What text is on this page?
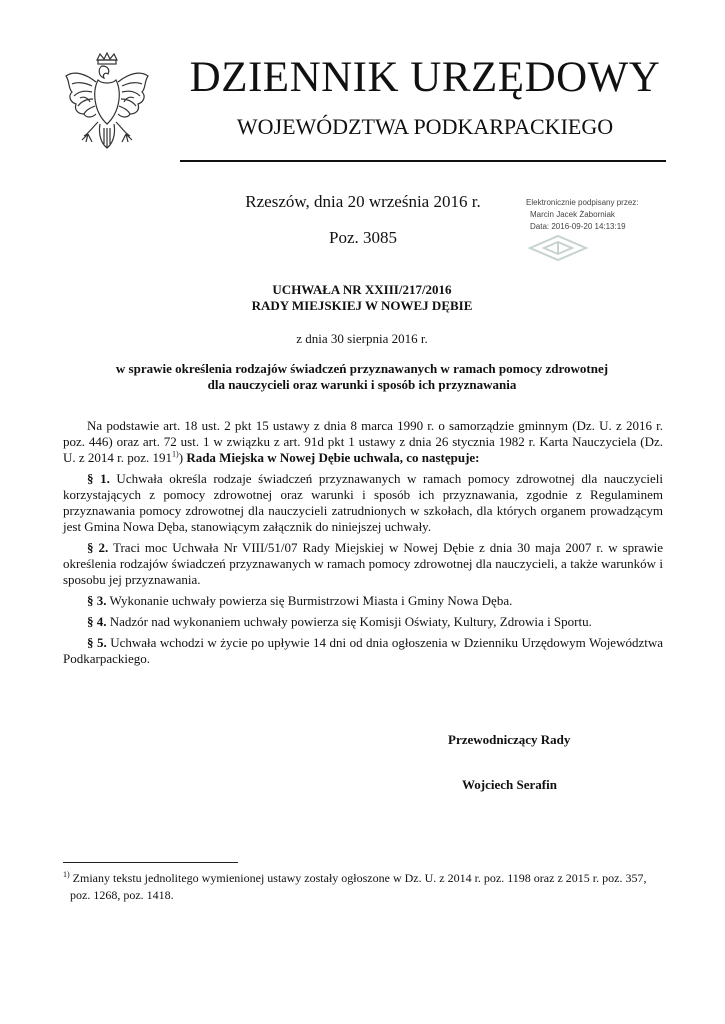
DZIENNIK URZĘDOWY
WOJEWÓDZTWA PODKARPACKIEGO
Rzeszów, dnia 20 września 2016 r.
Poz. 3085
Elektronicznie podpisany przez:
Marcin Jacek Żaborniak
Data: 2016-09-20 14:13:19
UCHWAŁA NR XXIII/217/2016
RADY MIEJSKIEJ W NOWEJ DĘBIE
z dnia 30 sierpnia 2016 r.
w sprawie określenia rodzajów świadczeń przyznawanych w ramach pomocy zdrowotnej
dla nauczycieli oraz warunki i sposób ich przyznawania

Na podstawie art. 18 ust. 2 pkt 15 ustawy z dnia 8 marca 1990 r. o samorządzie gminnym (Dz. U. z 2016 r. poz. 446) oraz art. 72 ust. 1 w związku z art. 91d pkt 1 ustawy z dnia 26 stycznia 1982 r. Karta Nauczyciela (Dz. U. z 2014 r. poz. 191$^{1)}$) Rada Miejska w Nowej Dębie uchwala, co następuje:

§ 1. Uchwała określa rodzaje świadczeń przyznawanych w ramach pomocy zdrowotnej dla nauczycieli korzystających z pomocy zdrowotnej oraz warunki i sposób ich przyznawania, zgodnie z Regulaminem przyznawania pomocy zdrowotnej dla nauczycieli zatrudnionych w szkołach, dla których organem prowadzącym jest Gmina Nowa Dęba, stanowiącym załącznik do niniejszej uchwały.

§ 2. Traci moc Uchwała Nr VIII/51/07 Rady Miejskiej w Nowej Dębie z dnia 30 maja 2007 r. w sprawie określenia rodzajów świadczeń przyznawanych w ramach pomocy zdrowotnej dla nauczycieli, a także warunków i sposobu jej przyznawania.

§ 3. Wykonanie uchwały powierza się Burmistrzowi Miasta i Gminy Nowa Dęba.

§ 4. Nadzór nad wykonaniem uchwały powierza się Komisji Oświaty, Kultury, Zdrowia i Sportu.

§ 5. Uchwała wchodzi w życie po upływie 14 dni od dnia ogłoszenia w Dzienniku Urzędowym Województwa Podkarpackiego.

Przewodniczący Rady
Wojciech Serafin
$^{1)}$ Zmiany tekstu jednolitego wymienionej ustawy zostały ogłoszone w Dz. U. z 2014 r. poz. 1198 oraz z 2015 r. poz. 357,
poz. 1268, poz. 1418.
